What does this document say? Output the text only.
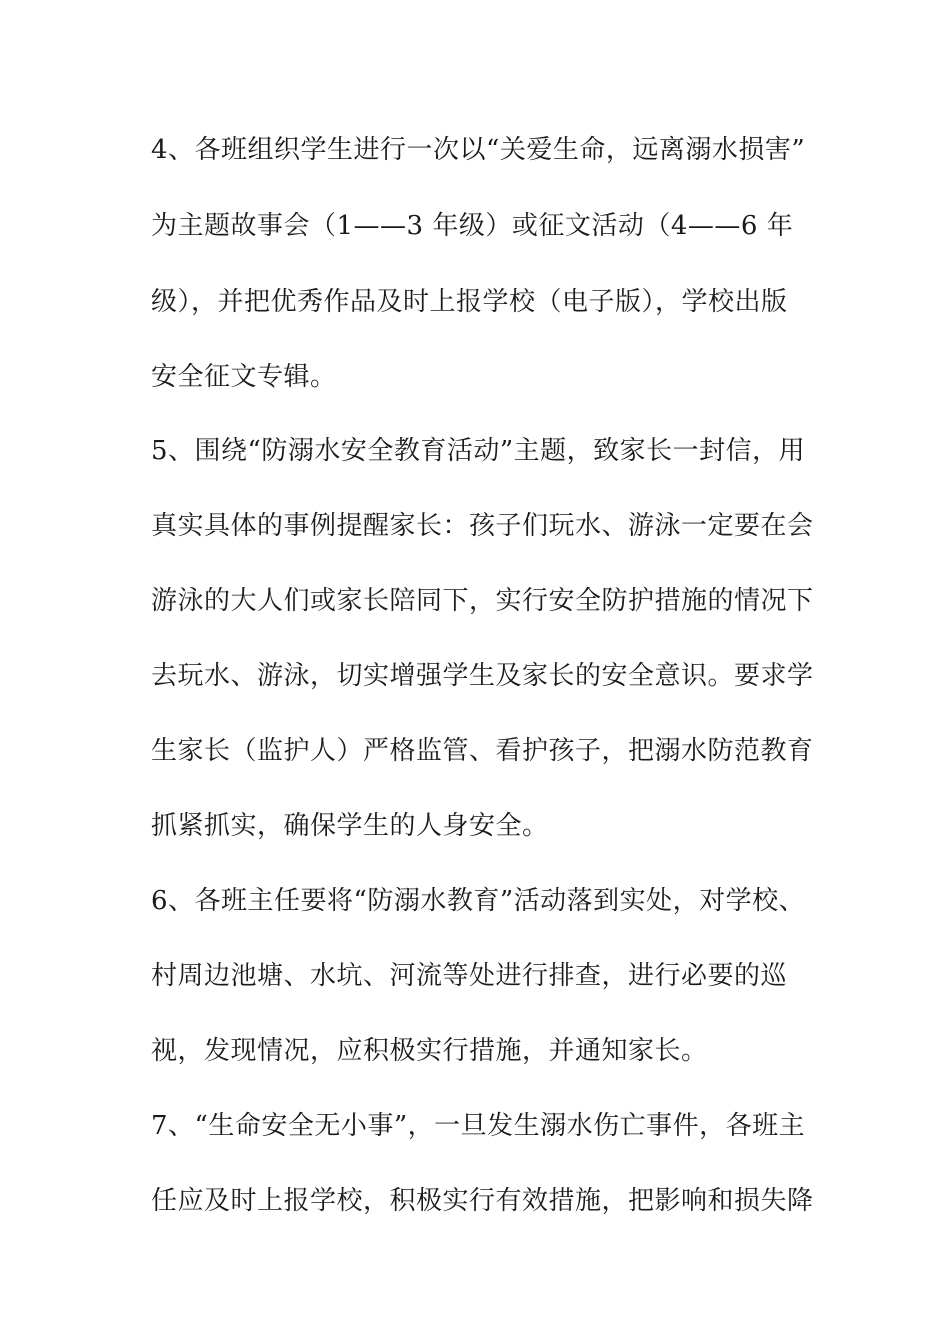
4、各班组织学生进行一次以“关爱生命，远离溺水损害”
为主题故事会（1——3 年级）或征文活动（4——6 年
级），并把优秀作品及时上报学校（电子版），学校出版
安全征文专辑。
5、围绕“防溺水安全教育活动”主题，致家长一封信，用
真实具体的事例提醒家长：孩子们玩水、游泳一定要在会
游泳的大人们或家长陪同下，实行安全防护措施的情况下
去玩水、游泳，切实增强学生及家长的安全意识。要求学
生家长（监护人）严格监管、看护孩子，把溺水防范教育
抓紧抓实，确保学生的人身安全。
6、各班主任要将“防溺水教育”活动落到实处，对学校、
村周边池塘、水坑、河流等处进行排查，进行必要的巡
视，发现情况，应积极实行措施，并通知家长。
7、“生命安全无小事”，一旦发生溺水伤亡事件，各班主
任应及时上报学校，积极实行有效措施，把影响和损失降
